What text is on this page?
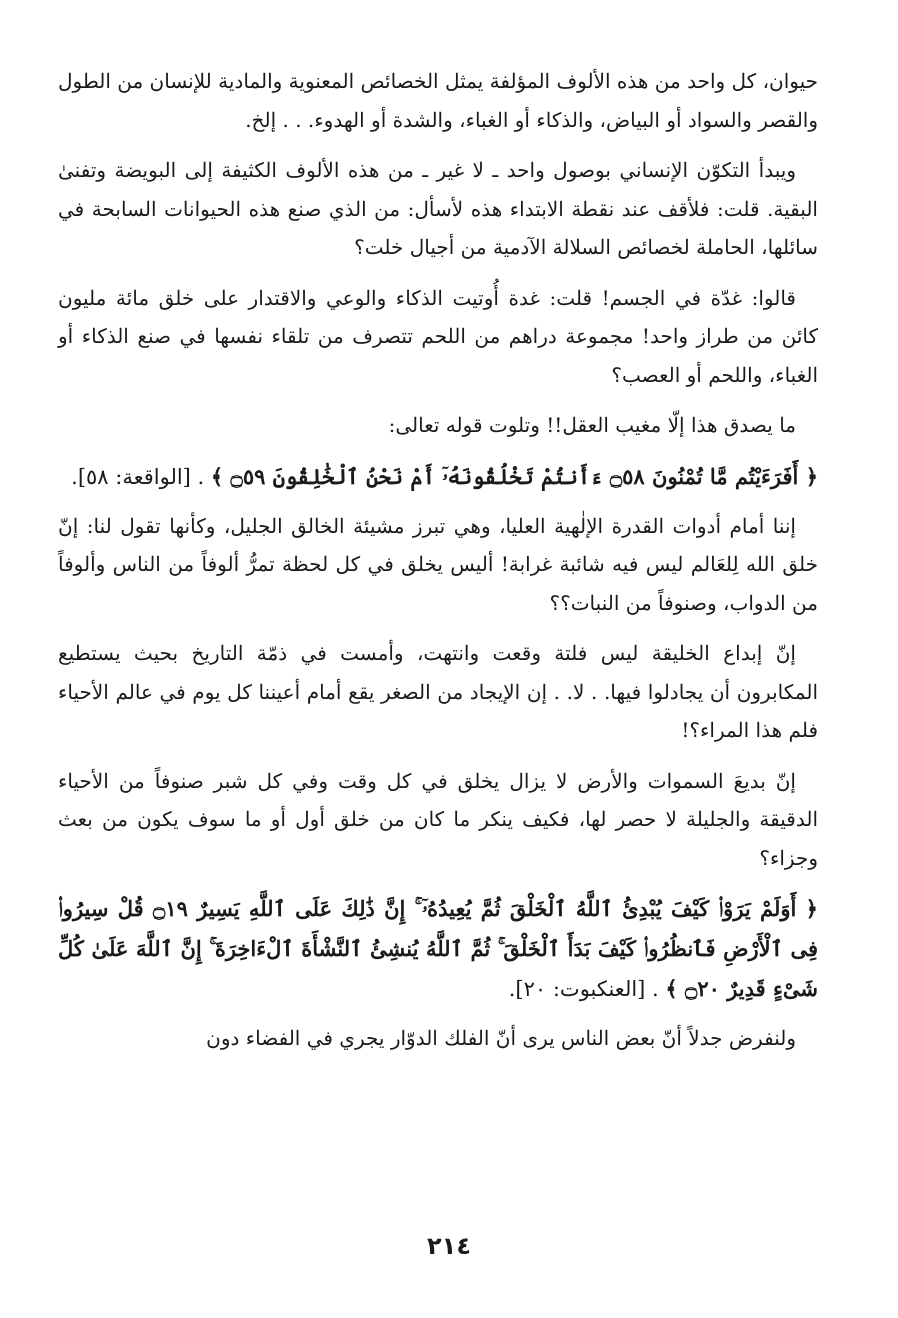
حيوان، كل واحد من هذه الألوف المؤلفة يمثل الخصائص المعنوية والمادية للإنسان من الطول والقصر والسواد أو البياض، والذكاء أو الغباء، والشدة أو الهدوء. . . إلخ.

ويبدأ التكوّن الإنساني بوصول واحد ـ لا غير ـ من هذه الألوف الكثيفة إلى البويضة وتفنىٰ البقية. قلت: فلأقف عند نقطة الابتداء هذه لأسأل: من الذي صنع هذه الحيوانات السابحة في سائلها، الحاملة لخصائص السلالة الآدمية من أجيال خلت؟

قالوا: غدّة في الجسم! قلت: غدة أُوتيت الذكاء والوعي والاقتدار على خلق مائة مليون كائن من طراز واحد! مجموعة دراهم من اللحم تتصرف من تلقاء نفسها في صنع الذكاء أو الغباء، واللحم أو العصب؟

ما يصدق هذا إلّا مغيب العقل!! وتلوت قوله تعالى:

﴿ أَفَرَءَيْتُم مَّا تُمْنُونَ ۝٥٨ ءَأَنتُمْ تَخْلُقُونَهُۥٓ أَمْ نَحْنُ ٱلْخَٰلِقُونَ ۝٥٩ ﴾ . [الواقعة: ٥٨].

إننا أمام أدوات القدرة الإلٰهية العليا، وهي تبرز مشيئة الخالق الجليل، وكأنها تقول لنا: إنّ خلق الله لِلعَالم ليس فيه شائبة غرابة! أليس يخلق في كل لحظة تمرُّ ألوفاً من الناس وألوفاً من الدواب، وصنوفاً من النبات؟؟

إنّ إبداع الخليقة ليس فلتة وقعت وانتهت، وأمست في ذمّة التاريخ بحيث يستطيع المكابرون أن يجادلوا فيها. . لا. . إن الإيجاد من الصغر يقع أمام أعيننا كل يوم في عالم الأحياء فلم هذا المراء؟!

إنّ بديعَ السموات والأرض لا يزال يخلق في كل وقت وفي كل شبر صنوفاً من الأحياء الدقيقة والجليلة لا حصر لها، فكيف ينكر ما كان من خلق أول أو ما سوف يكون من بعث وجزاء؟

﴿ أَوَلَمْ يَرَوْا۟ كَيْفَ يُبْدِئُ ٱللَّهُ ٱلْخَلْقَ ثُمَّ يُعِيدُهُۥٓ ۚ إِنَّ ذَٰلِكَ عَلَى ٱللَّهِ يَسِيرٌ ۝١٩ قُلْ سِيرُوا۟ فِى ٱلْأَرْضِ فَٱنظُرُوا۟ كَيْفَ بَدَأَ ٱلْخَلْقَ ۚ ثُمَّ ٱللَّهُ يُنشِئُ ٱلنَّشْأَةَ ٱلْءَاخِرَةَ ۚ إِنَّ ٱللَّهَ عَلَىٰ كُلِّ شَىْءٍ قَدِيرٌ ۝٢٠ ﴾ . [العنكبوت: ٢٠].

ولنفرض جدلاً أنّ بعض الناس يرى أنّ الفلك الدوّار يجري في الفضاء دون

٢١٤
